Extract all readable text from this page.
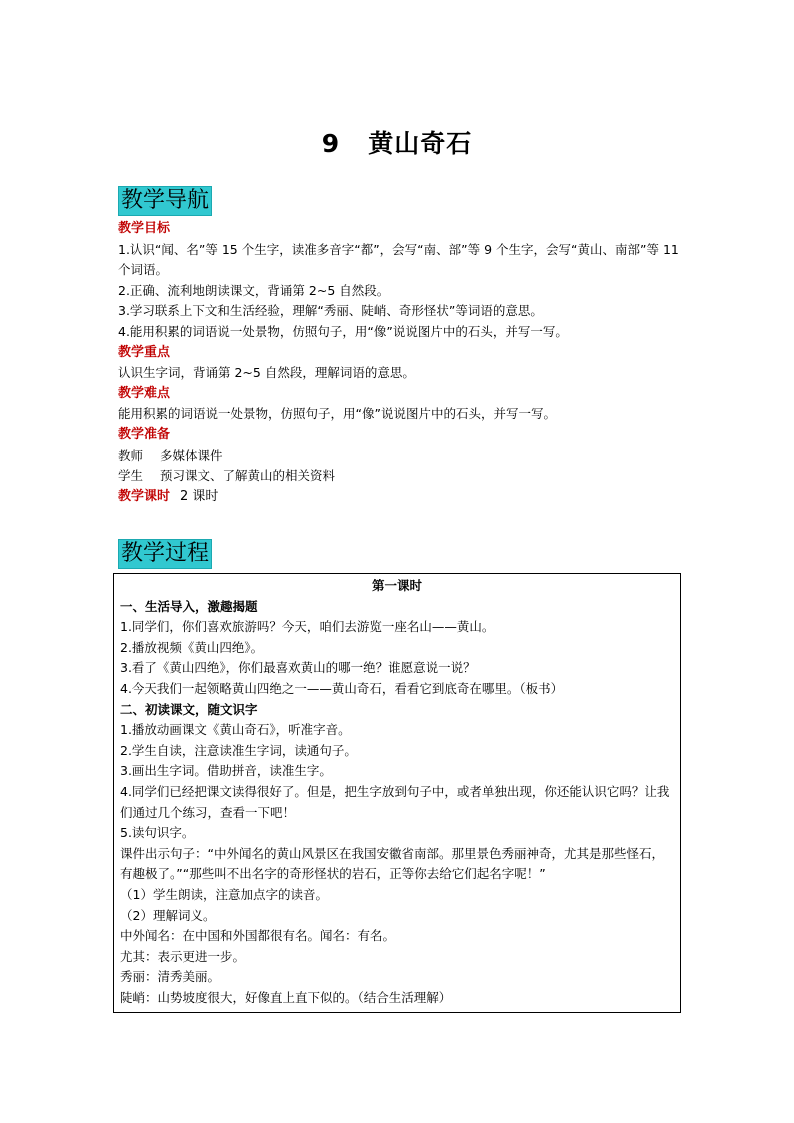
9 黄山奇石
教学导航
教学目标
1.认识“闻、名”等 15 个生字，读准多音字“都”，会写“南、部”等 9 个生字，会写“黄山、南部”等 11 个词语。
2.正确、流利地朗读课文，背诵第 2~5 自然段。
3.学习联系上下文和生活经验，理解“秀丽、陡峭、奇形怪状”等词语的意思。
4.能用积累的词语说一处景物，仿照句子，用“像”说说图片中的石头，并写一写。
教学重点
认识生字词，背诵第 2~5 自然段，理解词语的意思。
教学难点
能用积累的词语说一处景物，仿照句子，用“像”说说图片中的石头，并写一写。
教学准备
教师 多媒体课件
学生 预习课文、了解黄山的相关资料
教学课时 2 课时
教学过程
第一课时
一、生活导入，激趣揭题
1.同学们，你们喜欢旅游吗？今天，咱们去游览一座名山——黄山。
2.播放视频《黄山四绝》。
3.看了《黄山四绝》，你们最喜欢黄山的哪一绝？谁愿意说一说？
4.今天我们一起领略黄山四绝之一——黄山奇石，看看它到底奇在哪里。（板书）
二、初读课文，随文识字
1.播放动画课文《黄山奇石》，听准字音。
2.学生自读，注意读准生字词，读通句子。
3.画出生字词。借助拼音，读准生字。
4.同学们已经把课文读得很好了。但是，把生字放到句子中，或者单独出现，你还能认识它吗？让我们通过几个练习，查看一下吧！
5.读句识字。
课件出示句子：“中外闻名的黄山风景区在我国安徽省南部。那里景色秀丽神奇，尤其是那些怪石，有趣极了。”“那些叫不出名字的奇形怪状的岩石，正等你去给它们起名字呢！”
（1）学生朗读，注意加点字的读音。
（2）理解词义。
中外闻名：在中国和外国都很有名。闻名：有名。
尤其：表示更进一步。
秀丽：清秀美丽。
陡峭：山势坡度很大，好像直上直下似的。（结合生活理解）
